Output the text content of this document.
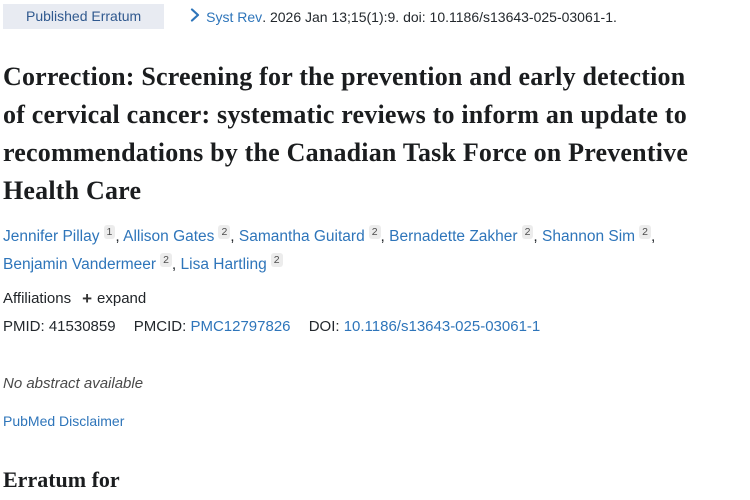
Published Erratum	Syst Rev . 2026 Jan 13;15(1):9.
doi: 10.1186/s13643-025-03061-1.
Correction: Screening for the prevention and early detection of cervical cancer: systematic reviews to inform an update to recommendations by the Canadian Task Force on Preventive Health Care
Jennifer Pillay 1 , Allison Gates 2 , Samantha Guitard 2 , Bernadette Zakher 2 , Shannon Sim 2 , Benjamin Vandermeer 2 , Lisa Hartling 2
Affiliations + expand
PMID: 41530859 PMCID: PMC12797826 DOI: 10.1186/s13643-025-03061-1

No abstract available

PubMed Disclaimer

Erratum for
